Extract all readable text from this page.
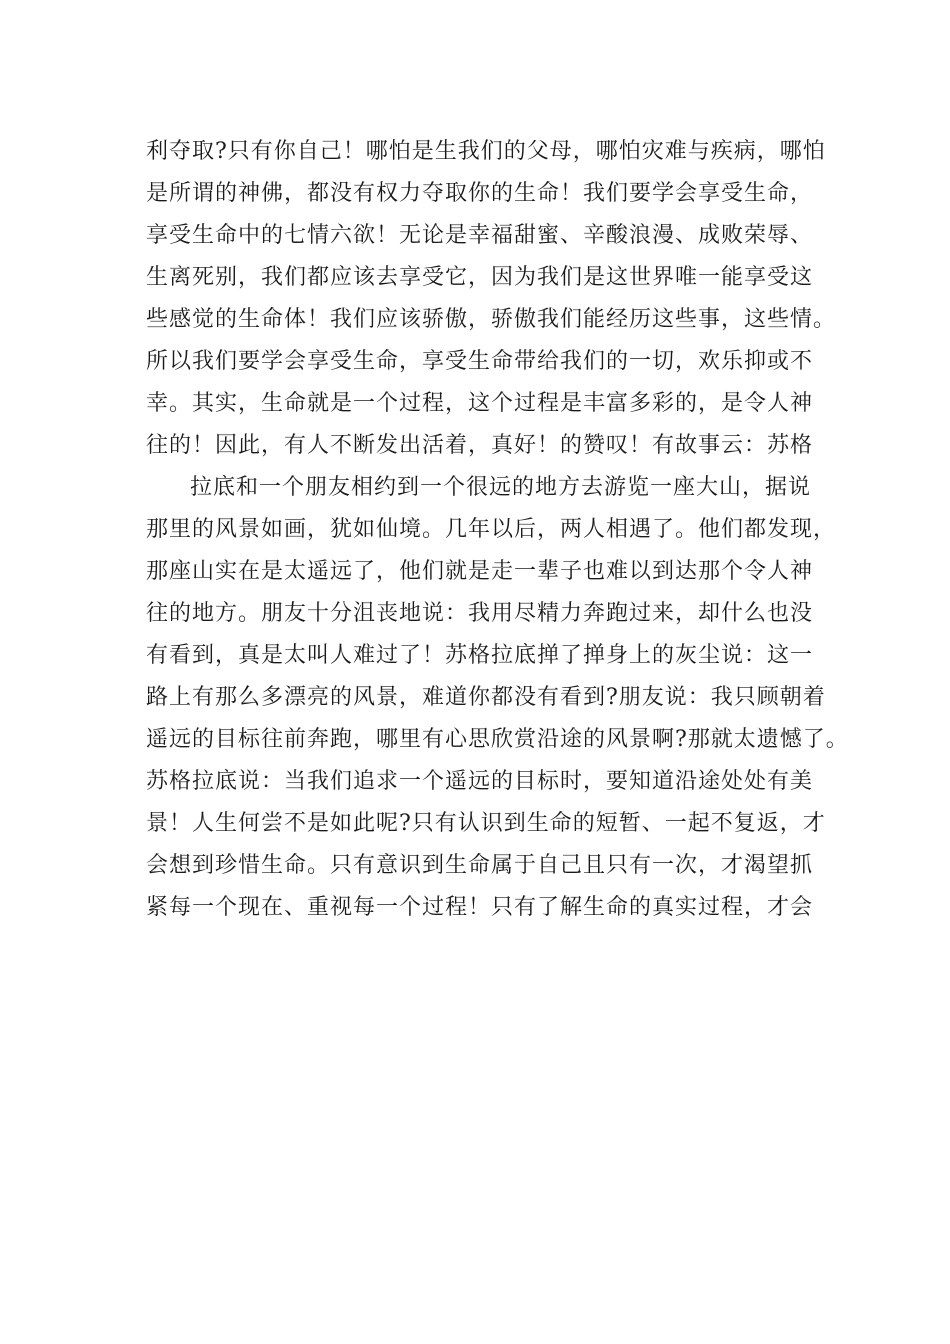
利夺取?只有你自己！哪怕是生我们的父母，哪怕灾难与疾病，哪怕
是所谓的神佛，都没有权力夺取你的生命！我们要学会享受生命，
享受生命中的七情六欲！无论是幸福甜蜜、辛酸浪漫、成败荣辱、
生离死别，我们都应该去享受它，因为我们是这世界唯一能享受这
些感觉的生命体！我们应该骄傲，骄傲我们能经历这些事，这些情。
所以我们要学会享受生命，享受生命带给我们的一切，欢乐抑或不
幸。其实，生命就是一个过程，这个过程是丰富多彩的，是令人神
往的！因此，有人不断发出活着，真好！的赞叹！有故事云：苏格
拉底和一个朋友相约到一个很远的地方去游览一座大山，据说
那里的风景如画，犹如仙境。几年以后，两人相遇了。他们都发现，
那座山实在是太遥远了，他们就是走一辈子也难以到达那个令人神
往的地方。朋友十分沮丧地说：我用尽精力奔跑过来，却什么也没
有看到，真是太叫人难过了！苏格拉底掸了掸身上的灰尘说：这一
路上有那么多漂亮的风景，难道你都没有看到?朋友说：我只顾朝着
遥远的目标往前奔跑，哪里有心思欣赏沿途的风景啊?那就太遗憾了。
苏格拉底说：当我们追求一个遥远的目标时，要知道沿途处处有美
景！人生何尝不是如此呢?只有认识到生命的短暂、一起不复返，才
会想到珍惜生命。只有意识到生命属于自己且只有一次，才渴望抓
紧每一个现在、重视每一个过程！只有了解生命的真实过程，才会
